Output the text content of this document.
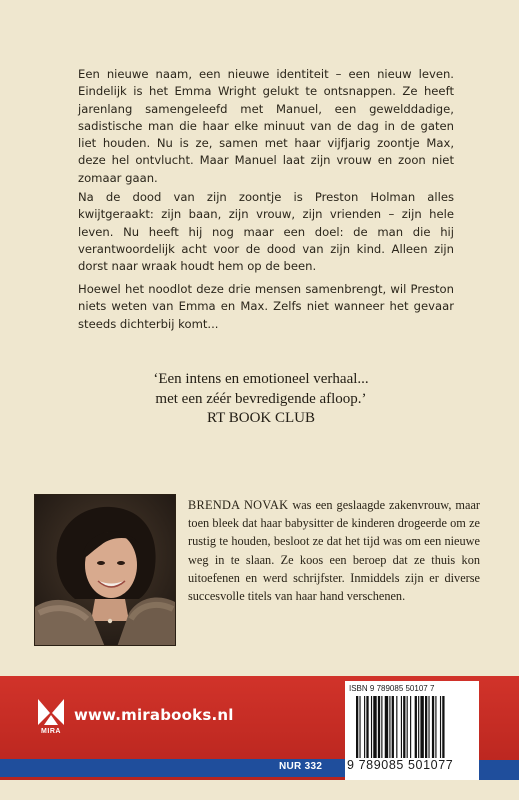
Een nieuwe naam, een nieuwe identiteit – een nieuw leven. Eindelijk is het Emma Wright gelukt te ontsnappen. Ze heeft jarenlang samengeleefd met Manuel, een gewelddadige, sadistische man die haar elke minuut van de dag in de gaten liet houden. Nu is ze, samen met haar vijfjarig zoontje Max, deze hel ontvlucht. Maar Manuel laat zijn vrouw en zoon niet zomaar gaan.

Na de dood van zijn zoontje is Preston Holman alles kwijtgeraakt: zijn baan, zijn vrouw, zijn vrienden – zijn hele leven. Nu heeft hij nog maar een doel: de man die hij verantwoordelijk acht voor de dood van zijn kind. Alleen zijn dorst naar wraak houdt hem op de been.

Hoewel het noodlot deze drie mensen samenbrengt, wil Preston niets weten van Emma en Max. Zelfs niet wanneer het gevaar steeds dichterbij komt...

‘Een intens en emotioneel verhaal...
met een zéér bevredigende afloop.’
RT BOOK CLUB
BRENDA NOVAK was een geslaagde zakenvrouw, maar toen bleek dat haar babysitter de kinderen drogeerde om ze rustig te houden, besloot ze dat het tijd was om een nieuwe weg in te slaan. Ze koos een beroep dat ze thuis kon uitoefenen en werd schrijfster. Inmiddels zijn er diverse succesvolle titels van haar hand verschenen.
MIRA
www.mirabooks.nl
NUR 332
ISBN 9 789085 50107 7
9 789085 501077
